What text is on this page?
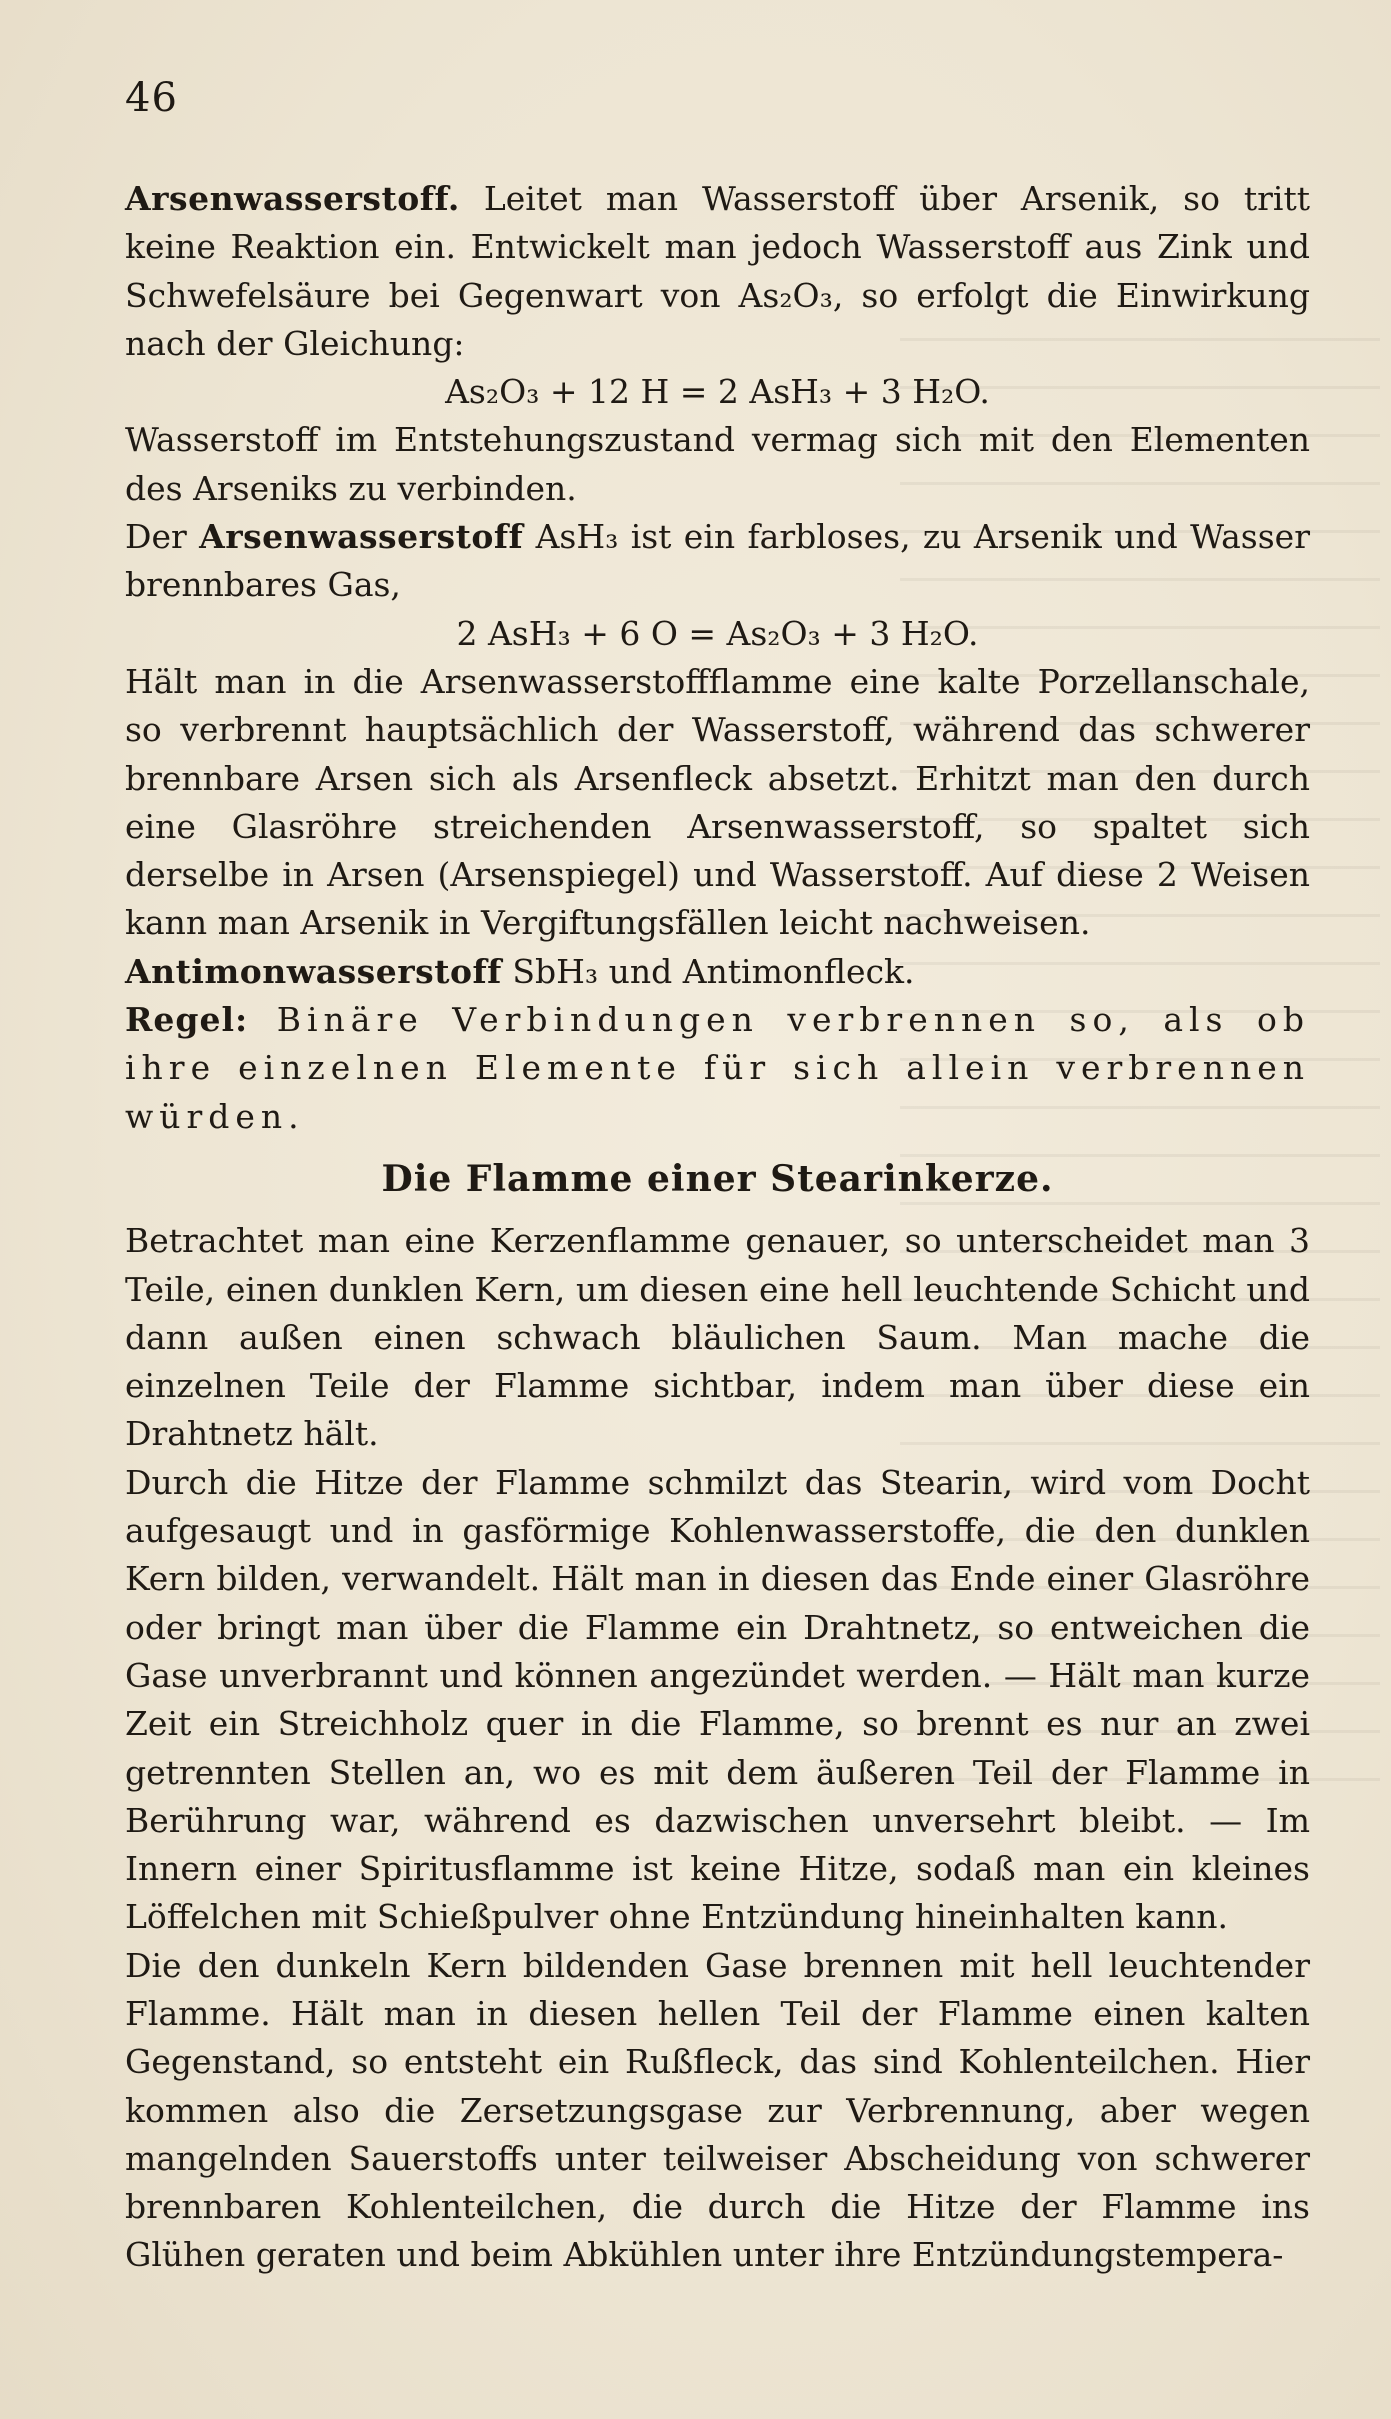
46

Arsenwasserstoff. Leitet man Wasserstoff über Arsenik, so tritt keine Reaktion ein. Entwickelt man jedoch Wasserstoff aus Zink und Schwefelsäure bei Gegenwart von As₂O₃, so erfolgt die Einwirkung nach der Gleichung:

As₂O₃ + 12 H = 2 AsH₃ + 3 H₂O.

Wasserstoff im Entstehungszustand vermag sich mit den Elementen des Arseniks zu verbinden.

Der Arsenwasserstoff AsH₃ ist ein farbloses, zu Arsenik und Wasser brennbares Gas,

2 AsH₃ + 6 O = As₂O₃ + 3 H₂O.

Hält man in die Arsenwasserstoffflamme eine kalte Porzellanschale, so verbrennt hauptsächlich der Wasserstoff, während das schwerer brennbare Arsen sich als Arsenfleck absetzt. Erhitzt man den durch eine Glasröhre streichenden Arsenwasserstoff, so spaltet sich derselbe in Arsen (Arsenspiegel) und Wasserstoff. Auf diese 2 Weisen kann man Arsenik in Vergiftungsfällen leicht nachweisen.

Antimonwasserstoff SbH₃ und Antimonfleck.

Regel: Binäre Verbindungen verbrennen so, als ob ihre einzelnen Elemente für sich allein verbrennen würden.

Die Flamme einer Stearinkerze.

Betrachtet man eine Kerzenflamme genauer, so unterscheidet man 3 Teile, einen dunklen Kern, um diesen eine hell leuchtende Schicht und dann außen einen schwach bläulichen Saum. Man mache die einzelnen Teile der Flamme sichtbar, indem man über diese ein Drahtnetz hält.

Durch die Hitze der Flamme schmilzt das Stearin, wird vom Docht aufgesaugt und in gasförmige Kohlenwasserstoffe, die den dunklen Kern bilden, verwandelt. Hält man in diesen das Ende einer Glasröhre oder bringt man über die Flamme ein Drahtnetz, so entweichen die Gase unverbrannt und können angezündet werden. — Hält man kurze Zeit ein Streichholz quer in die Flamme, so brennt es nur an zwei getrennten Stellen an, wo es mit dem äußeren Teil der Flamme in Berührung war, während es dazwischen unversehrt bleibt. — Im Innern einer Spiritusflamme ist keine Hitze, sodaß man ein kleines Löffelchen mit Schießpulver ohne Entzündung hineinhalten kann.

Die den dunkeln Kern bildenden Gase brennen mit hell leuchtender Flamme. Hält man in diesen hellen Teil der Flamme einen kalten Gegenstand, so entsteht ein Rußfleck, das sind Kohlenteilchen. Hier kommen also die Zersetzungsgase zur Verbrennung, aber wegen mangelnden Sauerstoffs unter teilweiser Abscheidung von schwerer brennbaren Kohlenteilchen, die durch die Hitze der Flamme ins Glühen geraten und beim Abkühlen unter ihre Entzündungstempera-
